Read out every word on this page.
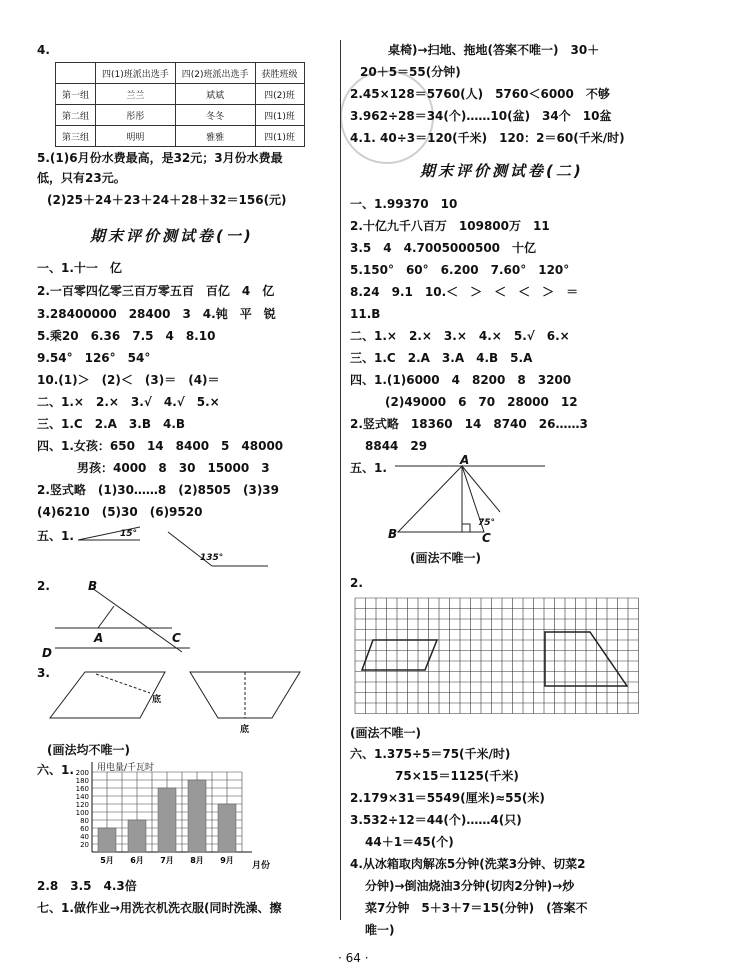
4.
	四(1)班派出选手	四(2)班派出选手	获胜班级
第一组	兰兰	斌斌	四(2)班
第二组	彤彤	冬冬	四(1)班
第三组	明明	雅雅	四(1)班
5.(1)6月份水费最高，是32元；3月份水费最
低，只有23元。
(2)25＋24＋23＋24＋28＋32＝156(元)
期末评价测试卷(一)
一、1.十一　亿
2.一百零四亿零三百万零五百　百亿　4　亿
3.28400000　28400　3　4.钝　平　锐
5.乘20　6.36　7.5　4　8.10
9.54°　126°　54°
10.(1)＞　(2)＜　(3)＝　(4)＝
二、1.×　2.×　3.√　4.√　5.×
三、1.C　2.A　3.B　4.B
四、1.女孩：650　14　8400　5　48000
男孩：4000　8　30　15000　3
2.竖式略　(1)30……8　(2)8505　(3)39
(4)6210　(5)30　(6)9520
五、1.	15°
135°
2.	B
A	C
D
3.
底
底
(画法均不唯一)
六、1.
20
40
60
80
100
120
140
160
180
200
5月 6月 7月 8月 9月
用电量/千瓦时
月份
2.8　3.5　4.3倍
七、1.做作业→用洗衣机洗衣服(同时洗澡、擦
桌椅)→扫地、拖地(答案不唯一)　30＋
20＋5＝55(分钟)
2.45×128＝5760(人)　5760＜6000　不够
3.962÷28＝34(个)……10(盆)　34个　10盆
4.1. 40÷3＝120(千米)　120：2＝60(千米/时)
期末评价测试卷(二)
一、1.99370　10
2.十亿九千八百万　109800万　11
3.5　4　4.7005000500　十亿
5.150°　60°　6.200　7.60°　120°
8.24　9.1　10.＜　＞　＜　＜　＞　＝
11.B
二、1.×　2.×　3.×　4.×　5.√　6.×
三、1.C　2.A　3.A　4.B　5.A
四、1.(1)6000　4　8200　8　3200
(2)49000　6　70　28000　12
2.竖式略　18360　14　8740　26……3
8844　29
五、1.
A
B	C
75°
(画法不唯一)
2.
(画法不唯一)
六、1.375÷5＝75(千米/时)
75×15＝1125(千米)
2.179×31＝5549(厘米)≈55(米)
3.532÷12＝44(个)……4(只)
44＋1＝45(个)
4.从冰箱取肉解冻5分钟(洗菜3分钟、切菜2
分钟)→倒油烧油3分钟(切肉2分钟)→炒
菜7分钟　5＋3＋7＝15(分钟)　(答案不
唯一)
· 64 ·
